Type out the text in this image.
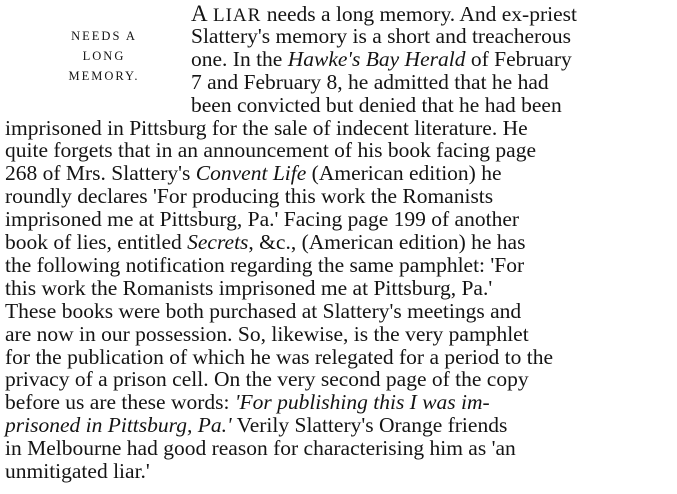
NEEDS A
LONG
MEMORY.
A LIAR needs a long memory. And ex-priest
Slattery's memory is a short and treacherous
one. In the Hawke's Bay Herald of February
7 and February 8, he admitted that he had
been convicted but denied that he had been
imprisoned in Pittsburg for the sale of indecent literature. He
quite forgets that in an announcement of his book facing page
268 of Mrs. Slattery's Convent Life (American edition) he
roundly declares 'For producing this work the Romanists
imprisoned me at Pittsburg, Pa.' Facing page 199 of another
book of lies, entitled Secrets, &c., (American edition) he has
the following notification regarding the same pamphlet: 'For
this work the Romanists imprisoned me at Pittsburg, Pa.'
These books were both purchased at Slattery's meetings and
are now in our possession. So, likewise, is the very pamphlet
for the publication of which he was relegated for a period to the
privacy of a prison cell. On the very second page of the copy
before us are these words: 'For publishing this I was im-
prisoned in Pittsburg, Pa.' Verily Slattery's Orange friends
in Melbourne had good reason for characterising him as 'an
unmitigated liar.'
